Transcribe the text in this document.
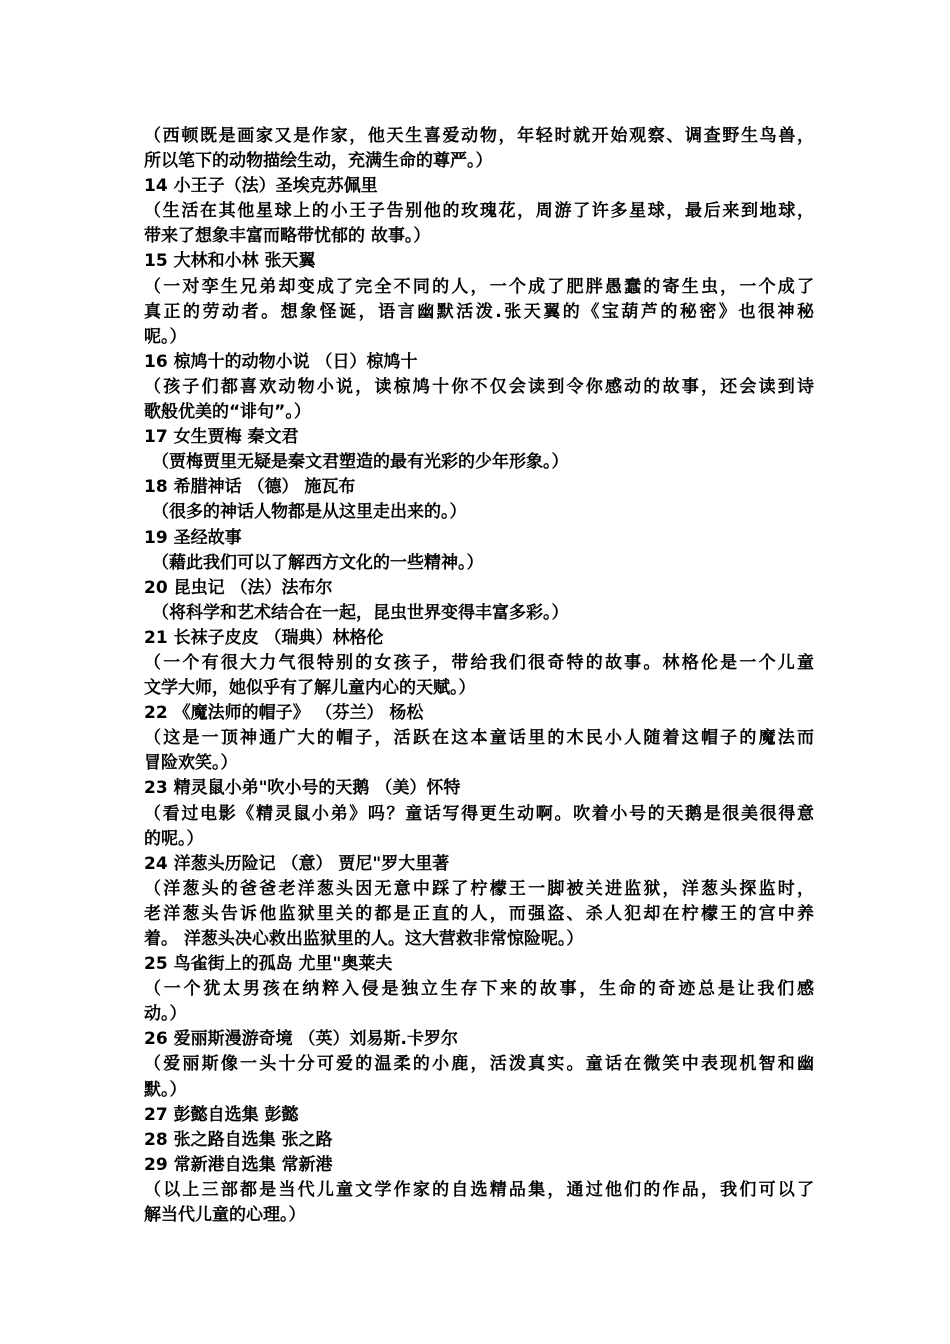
（西顿既是画家又是作家，他天生喜爱动物，年轻时就开始观察、调查野生鸟兽，

所以笔下的动物描绘生动，充满生命的尊严。）

14 小王子（法）圣埃克苏佩里

（生活在其他星球上的小王子告别他的玫瑰花，周游了许多星球，最后来到地球，

带来了想象丰富而略带忧郁的 故事。）

15 大林和小林 张天翼

（一对孪生兄弟却变成了完全不同的人，一个成了肥胖愚蠢的寄生虫，一个成了

真正的劳动者。想象怪诞，语言幽默活泼.张天翼的《宝葫芦的秘密》也很神秘

呢。）

16 椋鸠十的动物小说 （日）椋鸠十

（孩子们都喜欢动物小说，读椋鸠十你不仅会读到令你感动的故事，还会读到诗

歌般优美的“诽句”。）

17 女生贾梅 秦文君

（贾梅贾里无疑是秦文君塑造的最有光彩的少年形象。）

18 希腊神话 （德） 施瓦布

（很多的神话人物都是从这里走出来的。）

19 圣经故事

（藉此我们可以了解西方文化的一些精神。）

20 昆虫记 （法）法布尔

（将科学和艺术结合在一起，昆虫世界变得丰富多彩。）

21 长袜子皮皮 （瑞典）林格伦

（一个有很大力气很特别的女孩子，带给我们很奇特的故事。林格伦是一个儿童

文学大师，她似乎有了解儿童内心的天赋。）

22 《魔法师的帽子》 （芬兰） 杨松

（这是一顶神通广大的帽子，活跃在这本童话里的木民小人随着这帽子的魔法而

冒险欢笑。）

23 精灵鼠小弟"吹小号的天鹅 （美）怀特

（看过电影《精灵鼠小弟》吗？童话写得更生动啊。吹着小号的天鹅是很美很得意

的呢。）

24 洋葱头历险记 （意） 贾尼"罗大里著

（洋葱头的爸爸老洋葱头因无意中踩了柠檬王一脚被关进监狱，洋葱头探监时，

老洋葱头告诉他监狱里关的都是正直的人，而强盗、杀人犯却在柠檬王的宫中养

着。 洋葱头决心救出监狱里的人。这大营救非常惊险呢。）

25 鸟雀街上的孤岛 尤里"奥莱夫

（一个犹太男孩在纳粹入侵是独立生存下来的故事，生命的奇迹总是让我们感

动。）

26 爱丽斯漫游奇境 （英）刘易斯.卡罗尔

（爱丽斯像一头十分可爱的温柔的小鹿，活泼真实。童话在微笑中表现机智和幽

默。）

27 彭懿自选集 彭懿

28 张之路自选集 张之路

29 常新港自选集 常新港

（以上三部都是当代儿童文学作家的自选精品集，通过他们的作品，我们可以了

解当代儿童的心理。）
